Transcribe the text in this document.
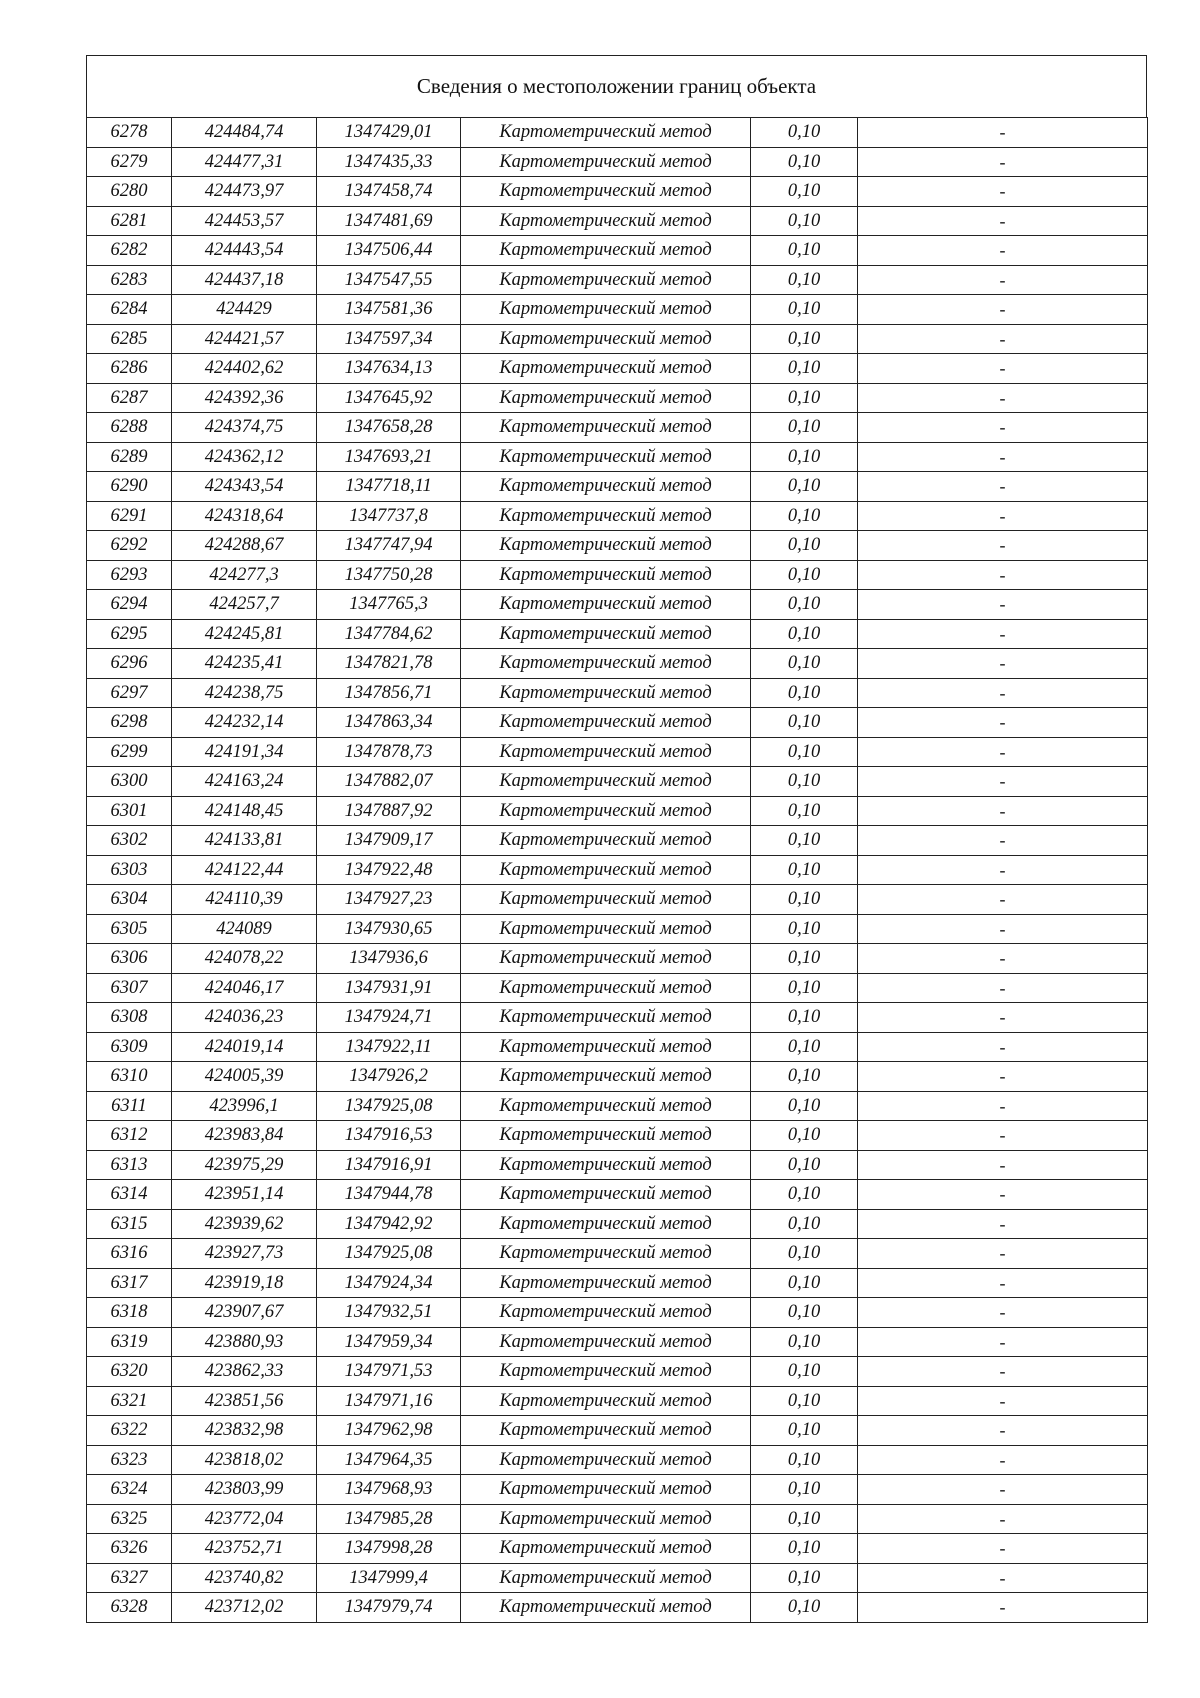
Сведения о местоположении границ объекта
6278	424484,74	1347429,01	Картометрический метод	0,10	-
6279	424477,31	1347435,33	Картометрический метод	0,10	-
6280	424473,97	1347458,74	Картометрический метод	0,10	-
6281	424453,57	1347481,69	Картометрический метод	0,10	-
6282	424443,54	1347506,44	Картометрический метод	0,10	-
6283	424437,18	1347547,55	Картометрический метод	0,10	-
6284	424429	1347581,36	Картометрический метод	0,10	-
6285	424421,57	1347597,34	Картометрический метод	0,10	-
6286	424402,62	1347634,13	Картометрический метод	0,10	-
6287	424392,36	1347645,92	Картометрический метод	0,10	-
6288	424374,75	1347658,28	Картометрический метод	0,10	-
6289	424362,12	1347693,21	Картометрический метод	0,10	-
6290	424343,54	1347718,11	Картометрический метод	0,10	-
6291	424318,64	1347737,8	Картометрический метод	0,10	-
6292	424288,67	1347747,94	Картометрический метод	0,10	-
6293	424277,3	1347750,28	Картометрический метод	0,10	-
6294	424257,7	1347765,3	Картометрический метод	0,10	-
6295	424245,81	1347784,62	Картометрический метод	0,10	-
6296	424235,41	1347821,78	Картометрический метод	0,10	-
6297	424238,75	1347856,71	Картометрический метод	0,10	-
6298	424232,14	1347863,34	Картометрический метод	0,10	-
6299	424191,34	1347878,73	Картометрический метод	0,10	-
6300	424163,24	1347882,07	Картометрический метод	0,10	-
6301	424148,45	1347887,92	Картометрический метод	0,10	-
6302	424133,81	1347909,17	Картометрический метод	0,10	-
6303	424122,44	1347922,48	Картометрический метод	0,10	-
6304	424110,39	1347927,23	Картометрический метод	0,10	-
6305	424089	1347930,65	Картометрический метод	0,10	-
6306	424078,22	1347936,6	Картометрический метод	0,10	-
6307	424046,17	1347931,91	Картометрический метод	0,10	-
6308	424036,23	1347924,71	Картометрический метод	0,10	-
6309	424019,14	1347922,11	Картометрический метод	0,10	-
6310	424005,39	1347926,2	Картометрический метод	0,10	-
6311	423996,1	1347925,08	Картометрический метод	0,10	-
6312	423983,84	1347916,53	Картометрический метод	0,10	-
6313	423975,29	1347916,91	Картометрический метод	0,10	-
6314	423951,14	1347944,78	Картометрический метод	0,10	-
6315	423939,62	1347942,92	Картометрический метод	0,10	-
6316	423927,73	1347925,08	Картометрический метод	0,10	-
6317	423919,18	1347924,34	Картометрический метод	0,10	-
6318	423907,67	1347932,51	Картометрический метод	0,10	-
6319	423880,93	1347959,34	Картометрический метод	0,10	-
6320	423862,33	1347971,53	Картометрический метод	0,10	-
6321	423851,56	1347971,16	Картометрический метод	0,10	-
6322	423832,98	1347962,98	Картометрический метод	0,10	-
6323	423818,02	1347964,35	Картометрический метод	0,10	-
6324	423803,99	1347968,93	Картометрический метод	0,10	-
6325	423772,04	1347985,28	Картометрический метод	0,10	-
6326	423752,71	1347998,28	Картометрический метод	0,10	-
6327	423740,82	1347999,4	Картометрический метод	0,10	-
6328	423712,02	1347979,74	Картометрический метод	0,10	-
